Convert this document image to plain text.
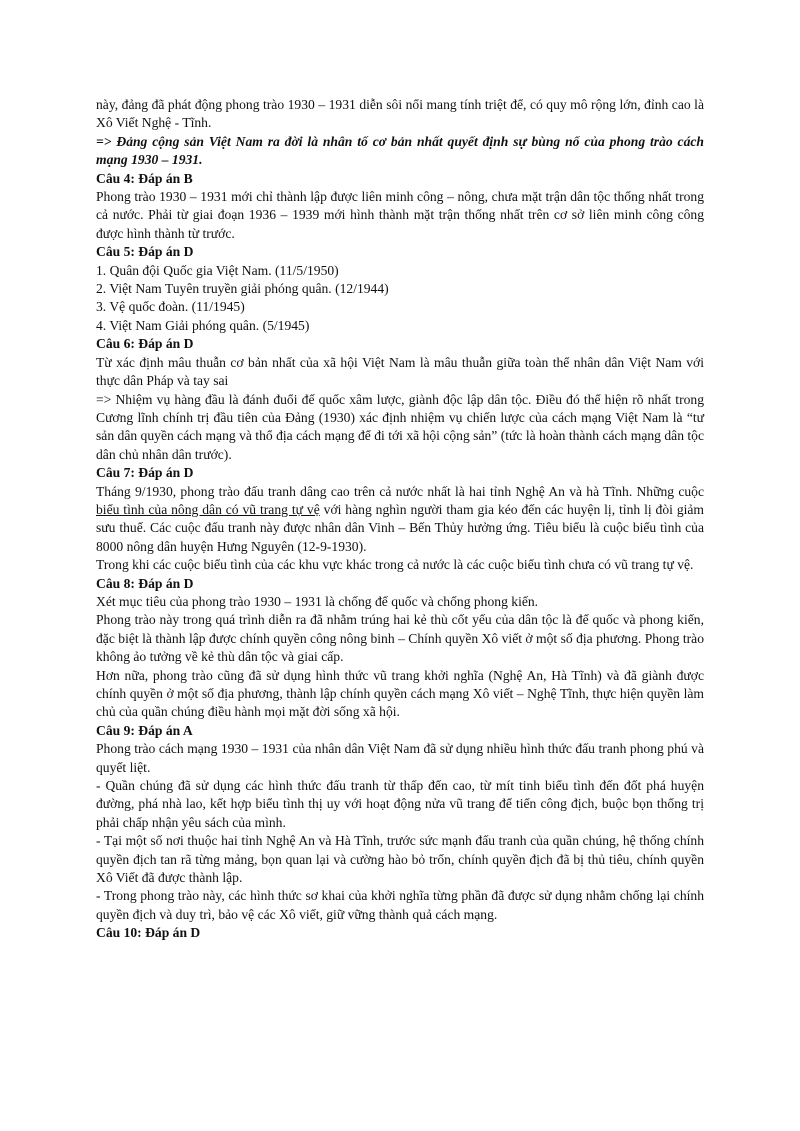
này, đảng đã phát động phong trào 1930 – 1931 diễn sôi nổi mang tính triệt để, có quy mô rộng lớn, đỉnh cao là Xô Viết Nghệ - Tĩnh.

=> Đảng cộng sản Việt Nam ra đời là nhân tố cơ bản nhất quyết định sự bùng nổ của phong trào cách mạng 1930 – 1931.

Câu 4: Đáp án B

Phong trào 1930 – 1931 mới chỉ thành lập được liên minh công – nông, chưa mặt trận dân tộc thống nhất trong cả nước. Phải từ giai đoạn 1936 – 1939 mới hình thành mặt trận thống nhất trên cơ sở liên minh công công được hình thành từ trước.

Câu 5: Đáp án D

1. Quân đội Quốc gia Việt Nam. (11/5/1950)

2. Việt Nam Tuyên truyền giải phóng quân. (12/1944)

3. Vệ quốc đoàn. (11/1945)

4. Việt Nam Giải phóng quân. (5/1945)

Câu 6: Đáp án D

Từ xác định mâu thuẫn cơ bản nhất của xã hội Việt Nam là mâu thuẫn giữa toàn thể nhân dân Việt Nam với thực dân Pháp và tay sai

=> Nhiệm vụ hàng đầu là đánh đuổi đế quốc xâm lược, giành độc lập dân tộc. Điều đó thể hiện rõ nhất trong Cương lĩnh chính trị đầu tiên của Đảng (1930) xác định nhiệm vụ chiến lược của cách mạng Việt Nam là “tư sản dân quyền cách mạng và thổ địa cách mạng để đi tới xã hội cộng sản” (tức là hoàn thành cách mạng dân tộc dân chủ nhân dân trước).

Câu 7: Đáp án D

Tháng 9/1930, phong trào đấu tranh dâng cao trên cả nước nhất là hai tỉnh Nghệ An và hà Tĩnh. Những cuộc biểu tình của nông dân có vũ trang tự vệ với hàng nghìn người tham gia kéo đến các huyện lị, tỉnh lị đòi giảm sưu thuế. Các cuộc đấu tranh này được nhân dân Vinh – Bến Thủy hưởng ứng. Tiêu biểu là cuộc biểu tình của 8000 nông dân huyện Hưng Nguyên (12-9-1930).

Trong khi các cuộc biểu tình của các khu vực khác trong cả nước là các cuộc biểu tình chưa có vũ trang tự vệ.

Câu 8: Đáp án D

Xét mục tiêu của phong trào 1930 – 1931 là chống đế quốc và chống phong kiến.

Phong trào này trong quá trình diễn ra đã nhằm trúng hai kẻ thù cốt yếu của dân tộc là đế quốc và phong kiến, đặc biệt là thành lập được chính quyền công nông binh – Chính quyền Xô viết ở một số địa phương. Phong trào không ảo tưởng về kẻ thù dân tộc và giai cấp.

Hơn nữa, phong trào cũng đã sử dụng hình thức vũ trang khởi nghĩa (Nghệ An, Hà Tĩnh) và đã giành được chính quyền ở một số địa phương, thành lập chính quyền cách mạng Xô viết – Nghệ Tĩnh, thực hiện quyền làm chủ của quần chúng điều hành mọi mặt đời sống xã hội.

Câu 9: Đáp án A

Phong trào cách mạng 1930 – 1931 của nhân dân Việt Nam đã sử dụng nhiều hình thức đấu tranh phong phú và quyết liệt.

- Quần chúng đã sử dụng các hình thức đấu tranh từ thấp đến cao, từ mít tinh biểu tình đến đốt phá huyện đường, phá nhà lao, kết hợp biểu tình thị uy với hoạt động nửa vũ trang để tiến công địch, buộc bọn thống trị phải chấp nhận yêu sách của mình.

- Tại một số nơi thuộc hai tỉnh Nghệ An và Hà Tĩnh, trước sức mạnh đấu tranh của quần chúng, hệ thống chính quyền địch tan rã từng mảng, bọn quan lại và cường hào bỏ trốn, chính quyền địch đã bị thủ tiêu, chính quyền Xô Viết đã được thành lập.

- Trong phong trào này, các hình thức sơ khai của khởi nghĩa từng phần đã được sử dụng nhằm chống lại chính quyền địch và duy trì, bảo vệ các Xô viết, giữ vững thành quả cách mạng.

Câu 10: Đáp án D
